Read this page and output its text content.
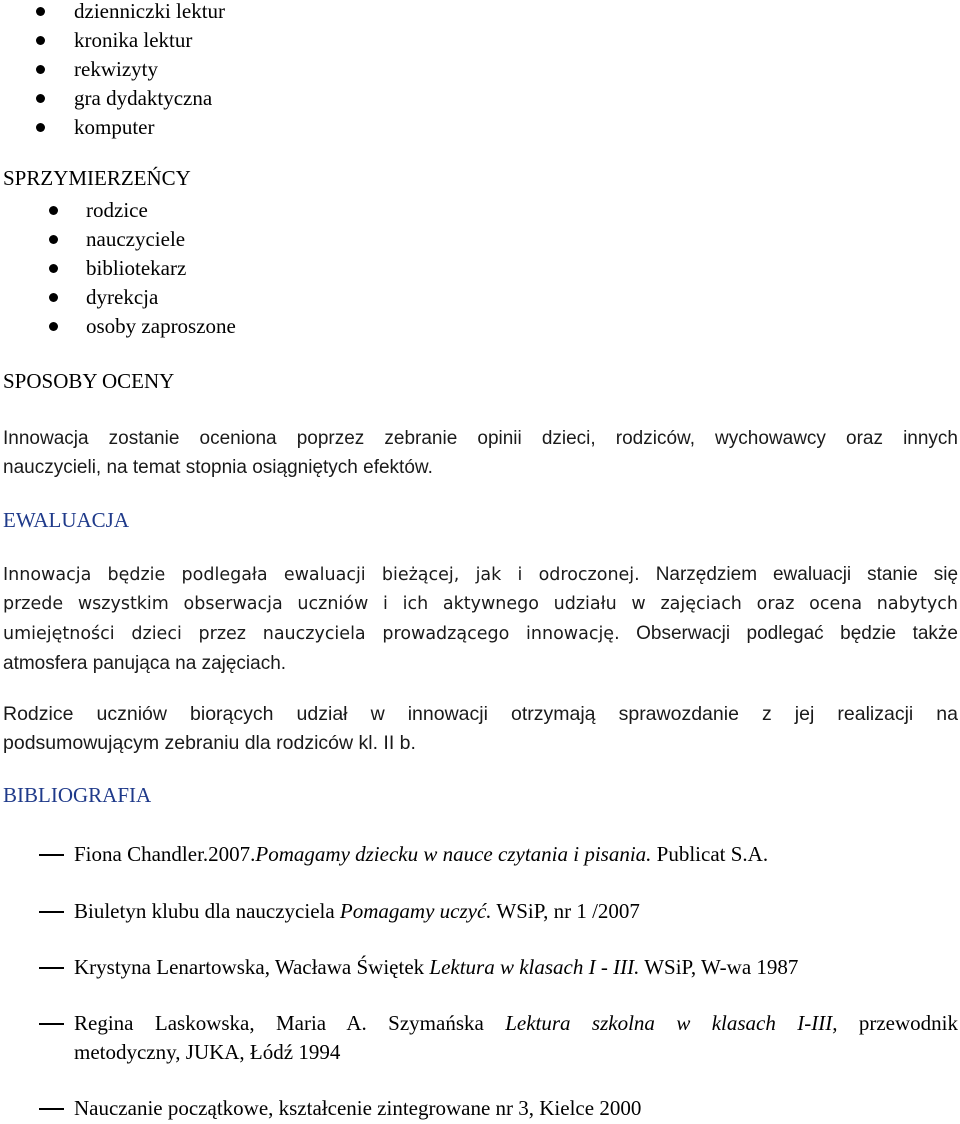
dzienniczki lektur
kronika lektur
rekwizyty
gra dydaktyczna
komputer
SPRZYMIERZEŃCY
rodzice
nauczyciele
bibliotekarz
dyrekcja
osoby zaproszone
SPOSOBY OCENY
Innowacja zostanie oceniona poprzez zebranie opinii dzieci, rodziców, wychowawcy oraz innych
nauczycieli, na temat stopnia osiągniętych efektów.
EWALUACJA
Innowacja będzie podlegała ewaluacji bieżącej, jak i odroczonej. Narzędziem ewaluacji stanie się
przede wszystkim obserwacja uczniów i ich aktywnego udziału w zajęciach oraz ocena nabytych
umiejętności dzieci przez nauczyciela prowadzącego innowację. Obserwacji podlegać będzie także
atmosfera panująca na zajęciach.
Rodzice uczniów biorących udział w innowacji otrzymają sprawozdanie z jej realizacji na
podsumowującym zebraniu dla rodziców kl. II b.
BIBLIOGRAFIA
Fiona Chandler.2007.Pomagamy dziecku w nauce czytania i pisania. Publicat S.A.
Biuletyn klubu dla nauczyciela Pomagamy uczyć. WSiP, nr 1 /2007
Krystyna Lenartowska, Wacława Świętek Lektura w klasach I - III. WSiP, W-wa 1987
Regina Laskowska, Maria A. Szymańska Lektura szkolna w klasach I-III, przewodnik
metodyczny, JUKA, Łódź 1994
Nauczanie początkowe, kształcenie zintegrowane nr 3, Kielce 2000
